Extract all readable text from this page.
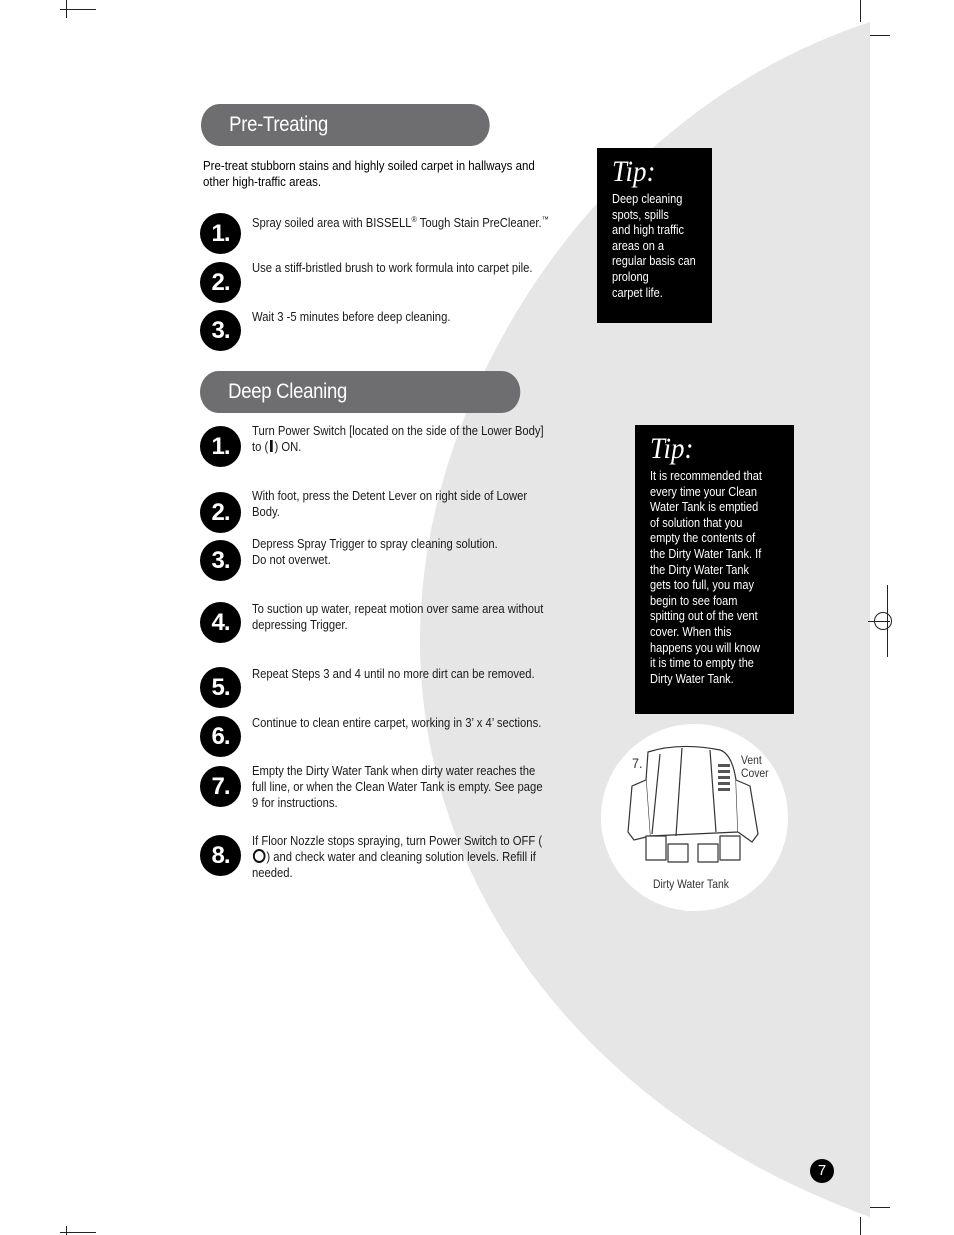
Pre-Treating
Pre-treat stubborn stains and highly soiled carpet in hallways and other high-traffic areas.
1.	Spray soiled area with BISSELL® Tough Stain PreCleaner.™
2.
Use a stiff-bristled brush to work formula into carpet pile.
3.	Wait 3 -5 minutes before deep cleaning.
Deep Cleaning
1.
Turn Power Switch [located on the side of the Lower Body] to ( ) ON.
2.
With foot, press the Detent Lever on right side of Lower Body.
3.
Depress Spray Trigger to spray cleaning solution.
Do not overwet.
4.	To suction up water, repeat motion over same area without depressing Trigger.
5.	Repeat Steps 3 and 4 until no more dirt can be removed.
6.	Continue to clean entire carpet, working in 3’ x 4’ sections.
7.
Empty the Dirty Water Tank when dirty water reaches the full line, or when the Clean Water Tank is empty. See page 9 for instructions.
8.
If Floor Nozzle stops spraying, turn Power Switch to OFF () and check water and cleaning solution levels. Refill if needed.
Tip:
Deep cleaning
spots, spills
and high traffic
areas on a
regular basis can
prolong
carpet life.
Tip:
It is recommended that
every time your Clean
Water Tank is emptied
of solution that you
empty the contents of
the Dirty Water Tank. If
the Dirty Water Tank
gets too full, you may
begin to see foam
spitting out of the vent
cover. When this
happens you will know
it is time to empty the
Dirty Water Tank.
7.	Vent
Cover
Dirty Water Tank
7
